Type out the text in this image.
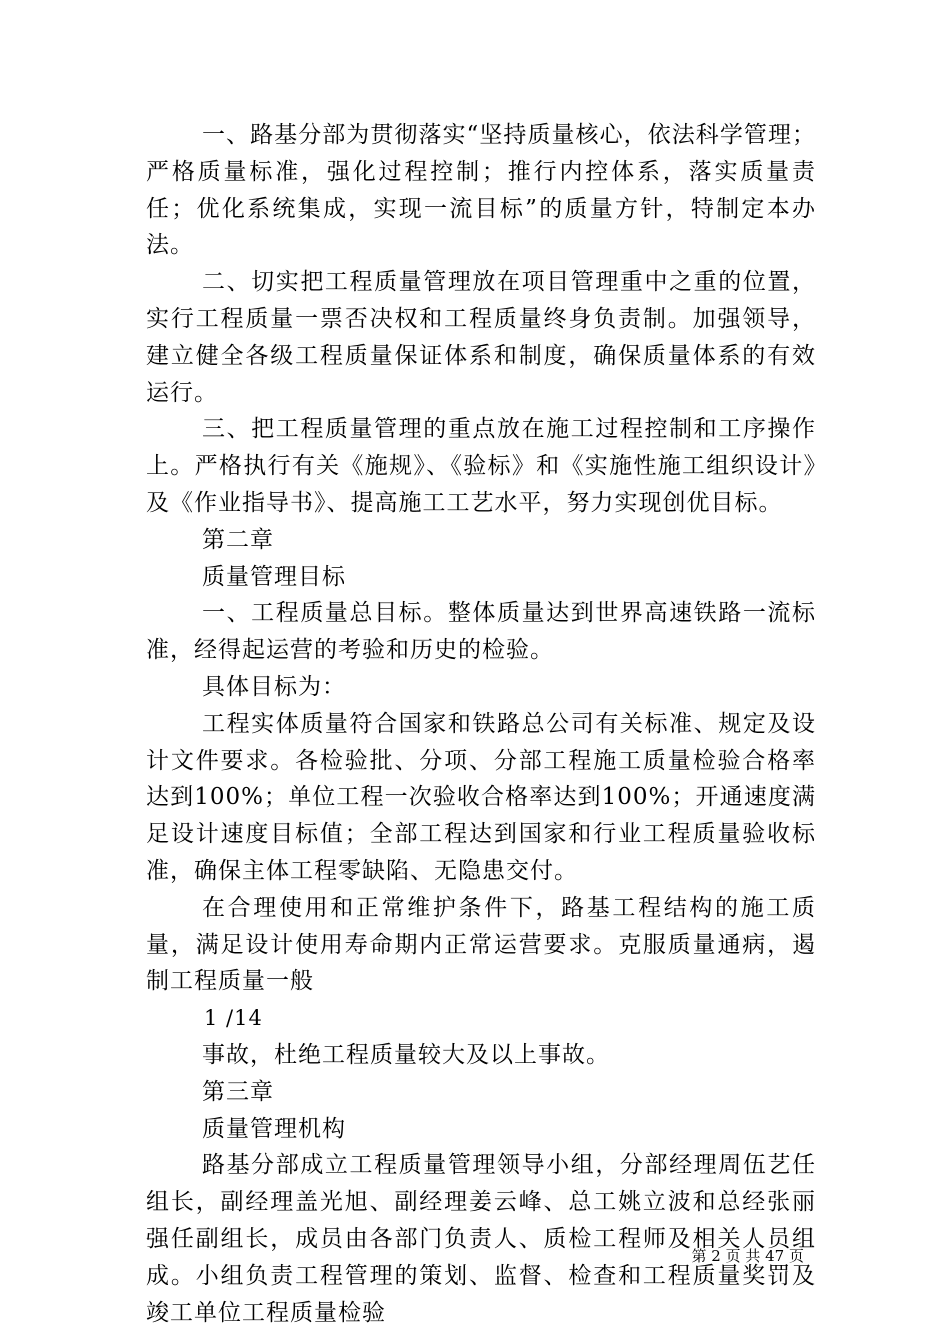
一、路基分部为贯彻落实“坚持质量核心，依法科学管理；严格质量标准，强化过程控制；推行内控体系，落实质量责任；优化系统集成，实现一流目标”的质量方针，特制定本办法。

二、切实把工程质量管理放在项目管理重中之重的位置，实行工程质量一票否决权和工程质量终身负责制。加强领导，建立健全各级工程质量保证体系和制度，确保质量体系的有效运行。

三、把工程质量管理的重点放在施工过程控制和工序操作上。严格执行有关《施规》、《验标》和《实施性施工组织设计》及《作业指导书》、提高施工工艺水平，努力实现创优目标。

第二章

质量管理目标

一、工程质量总目标。整体质量达到世界高速铁路一流标准，经得起运营的考验和历史的检验。

具体目标为：

工程实体质量符合国家和铁路总公司有关标准、规定及设计文件要求。各检验批、分项、分部工程施工质量检验合格率达到100%；单位工程一次验收合格率达到100%；开通速度满足设计速度目标值；全部工程达到国家和行业工程质量验收标准，确保主体工程零缺陷、无隐患交付。

在合理使用和正常维护条件下，路基工程结构的施工质量，满足设计使用寿命期内正常运营要求。克服质量通病，遏制工程质量一般

1 /14

事故，杜绝工程质量较大及以上事故。

第三章

质量管理机构

路基分部成立工程质量管理领导小组，分部经理周伍艺任组长，副经理盖光旭、副经理姜云峰、总工姚立波和总经张丽强任副组长，成员由各部门负责人、质检工程师及相关人员组成。小组负责工程管理的策划、监督、检查和工程质量奖罚及竣工单位工程质量检验

第 2 页 共 47 页
